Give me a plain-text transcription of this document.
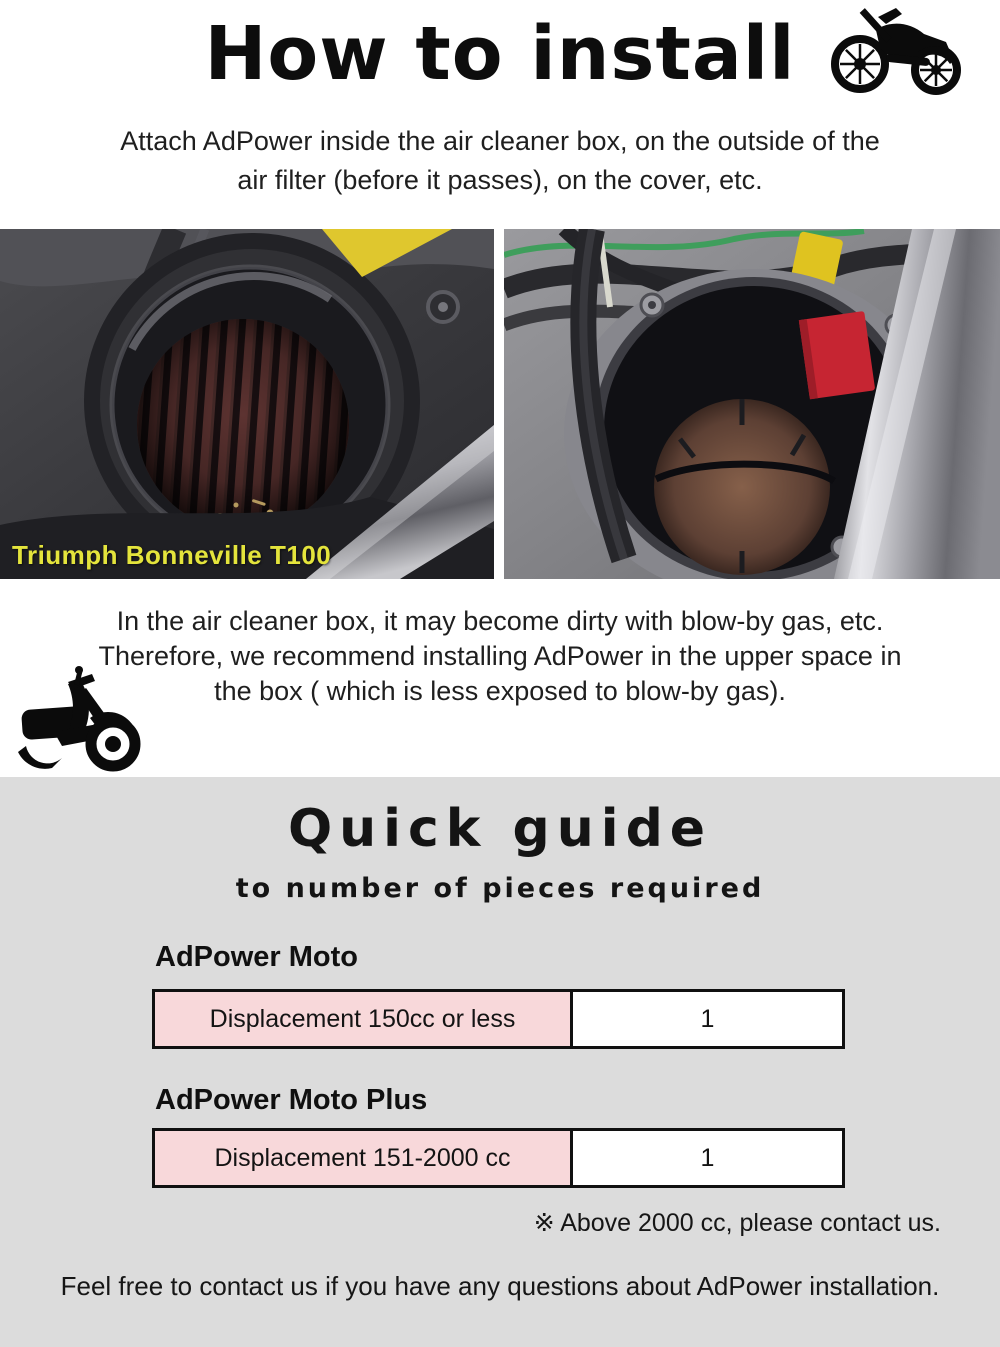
How to install
Attach AdPower inside the air cleaner box, on the outside of the
air filter (before it passes), on the cover, etc.
Triumph Bonneville T100
In the air cleaner box, it may become dirty with blow-by gas, etc.
Therefore, we recommend installing AdPower in the upper space in
the box ( which is less exposed to blow-by gas).
Quick guide
to number of pieces required
AdPower Moto
Displacement 150cc or less	1
AdPower Moto Plus
Displacement 151-2000 cc	1
※ Above 2000 cc, please contact us.
Feel free to contact us if you have any questions about AdPower installation.
